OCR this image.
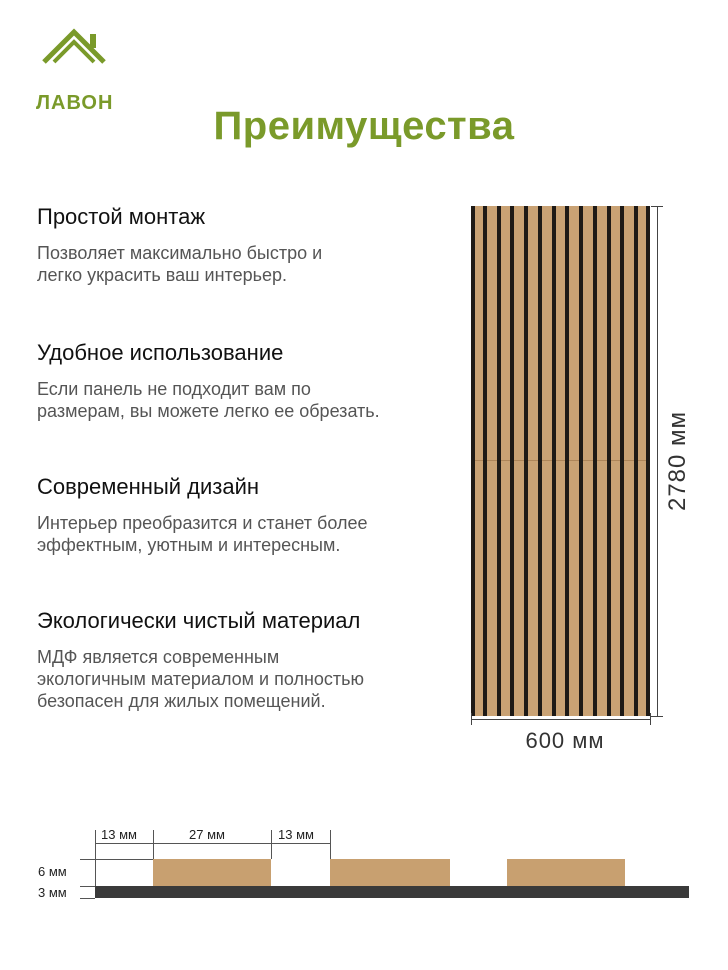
ЛАВОН
Преимущества
Простой монтаж

Позволяет максимально быстро и
легко украсить ваш интерьер.

Удобное использование

Если панель не подходит вам по
размерам, вы можете легко ее обрезать.

Современный дизайн

Интерьер преобразится и станет более
эффектным, уютным и интересным.

Экологически чистый материал

МДФ является современным
экологичным материалом и полностью
безопасен для жилых помещений.

2780 мм
600 мм
13 мм	27 мм	13 мм
6 мм
3 мм
